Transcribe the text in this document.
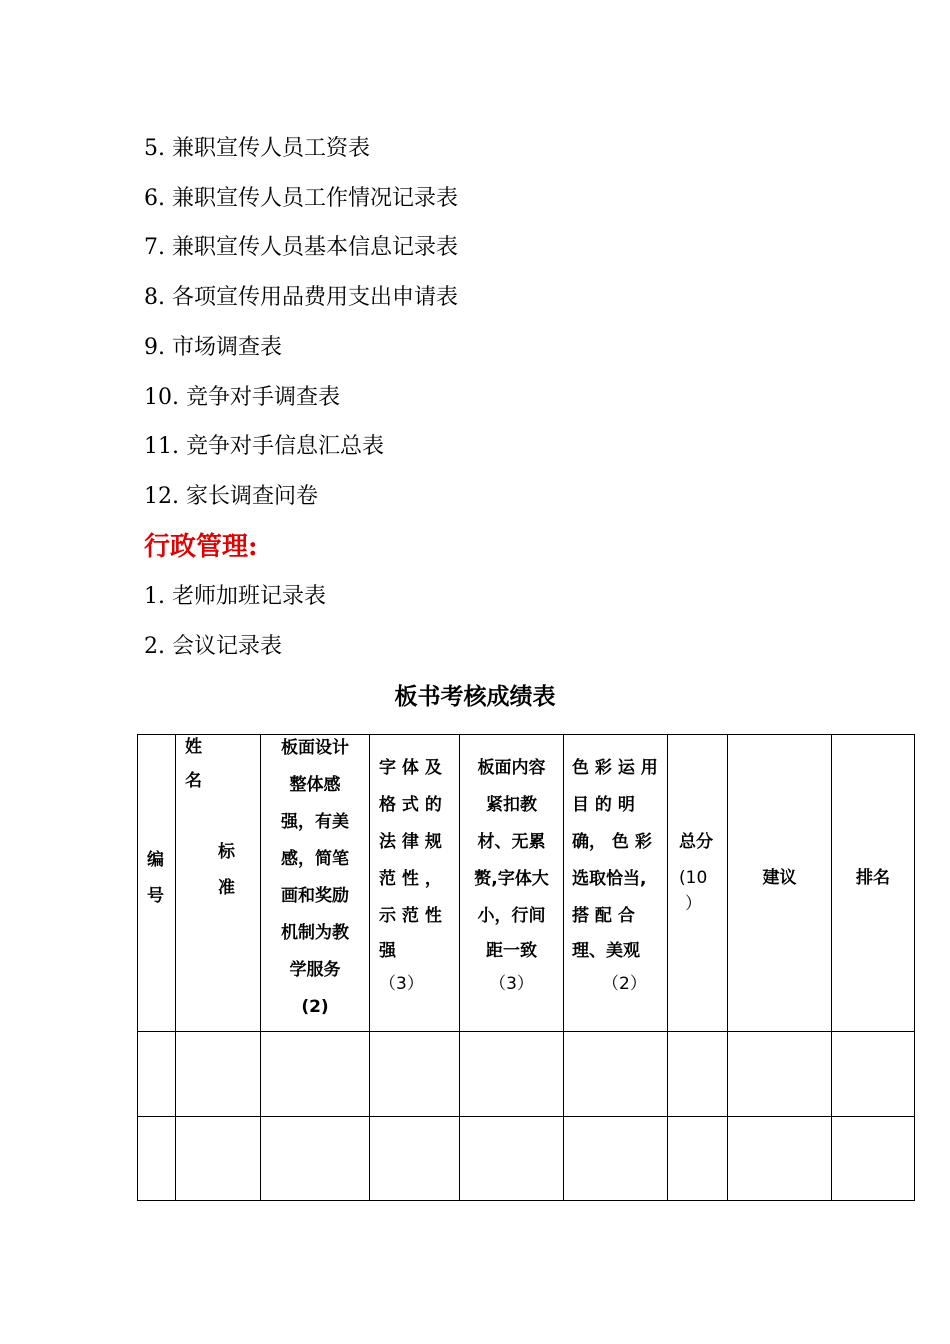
5. 兼职宣传人员工资表
6. 兼职宣传人员工作情况记录表
7. 兼职宣传人员基本信息记录表
8. 各项宣传用品费用支出申请表
9. 市场调查表
10. 竞争对手调查表
11. 竞争对手信息汇总表
12. 家长调查问卷
行政管理:
1. 老师加班记录表
2. 会议记录表
板书考核成绩表
编
号
姓
名
标
准
板面设计
整体感
强，有美
感，简笔
画和奖励
机制为教
学服务
(2)
字 体 及
格 式 的
法 律 规
范 性 ，
示 范 性
强
（3）
板面内容
紧扣教
材、无累
赘,字体大
小，行间
距一致
（3）
色 彩 运 用
目 的 明
确， 色 彩
选取恰当,
搭 配 合
理、美观
（2）
总分
(10
）
建议	排名
